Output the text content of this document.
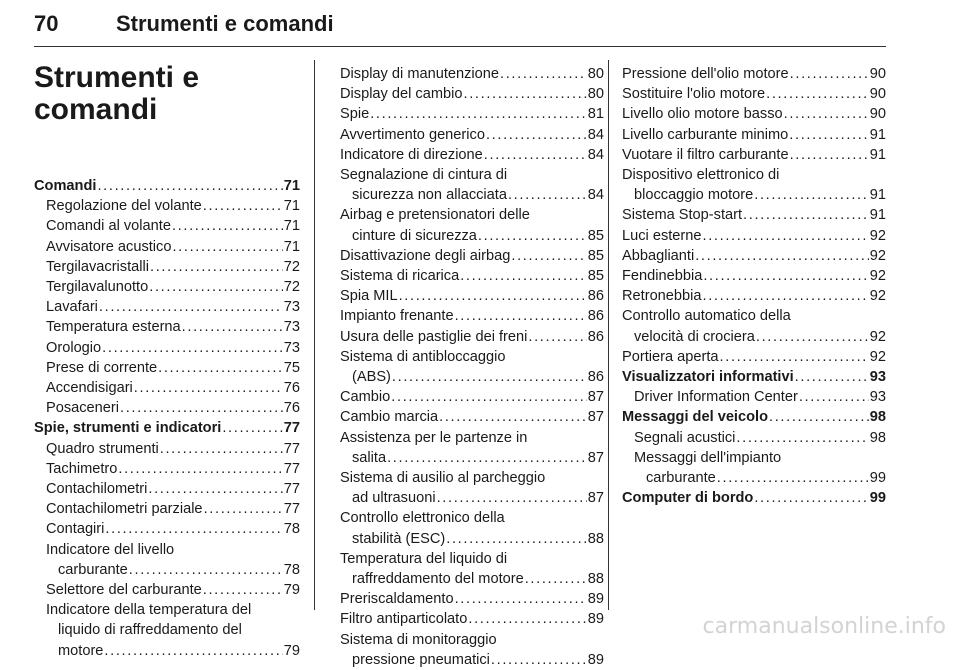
70	Strumenti e comandi
Strumenti e
comandi
Comandi . . .	71
Regolazione del volante . . .	71
Comandi al volante . . .	71
Avvisatore acustico . . .	71
Tergilavacristalli . . .	72
Tergilavalunotto . . .	72
Lavafari . . .	73
Temperatura esterna . . .	73
Orologio . . .	73
Prese di corrente . . .	75
Accendisigari . . .	76
Posaceneri . . .	76
Spie, strumenti e indicatori . . .	77
Quadro strumenti . . .	77
Tachimetro . . .	77
Contachilometri . . .	77
Contachilometri parziale . . .	77
Contagiri . . .	78
Indicatore del livello
carburante . . .	78
Selettore del carburante . . .	79
Indicatore della temperatura del
liquido di raffreddamento del
motore . . .	79
Display di manutenzione . . .	80
Display del cambio . . .	80
Spie . . .	81
Avvertimento generico . . .	84
Indicatore di direzione . . .	84
Segnalazione di cintura di
sicurezza non allacciata . . .	84
Airbag e pretensionatori delle
cinture di sicurezza . . .	85
Disattivazione degli airbag . . .	85
Sistema di ricarica . . .	85
Spia MIL . . .	86
Impianto frenante . . .	86
Usura delle pastiglie dei freni . . .	86
Sistema di antibloccaggio
(ABS) . . .	86
Cambio . . .	87
Cambio marcia . . .	87
Assistenza per le partenze in
salita . . .	87
Sistema di ausilio al parcheggio
ad ultrasuoni . . .	87
Controllo elettronico della
stabilità (ESC) . . .	88
Temperatura del liquido di
raffreddamento del motore . . .	88
Preriscaldamento . . .	89
Filtro antiparticolato . . .	89
Sistema di monitoraggio
pressione pneumatici . . .	89
Pressione dell'olio motore . . .	90
Sostituire l'olio motore . . .	90
Livello olio motore basso . . .	90
Livello carburante minimo . . .	91
Vuotare il filtro carburante . . .	91
Dispositivo elettronico di
bloccaggio motore . . .	91
Sistema Stop-start . . .	91
Luci esterne . . .	92
Abbaglianti . . .	92
Fendinebbia . . .	92
Retronebbia . . .	92
Controllo automatico della
velocità di crociera . . .	92
Portiera aperta . . .	92
Visualizzatori informativi . . .	93
Driver Information Center . . .	93
Messaggi del veicolo . . .	98
Segnali acustici . . .	98
Messaggi dell'impianto
carburante . . .	99
Computer di bordo . . .	99
carmanualsonline.info
